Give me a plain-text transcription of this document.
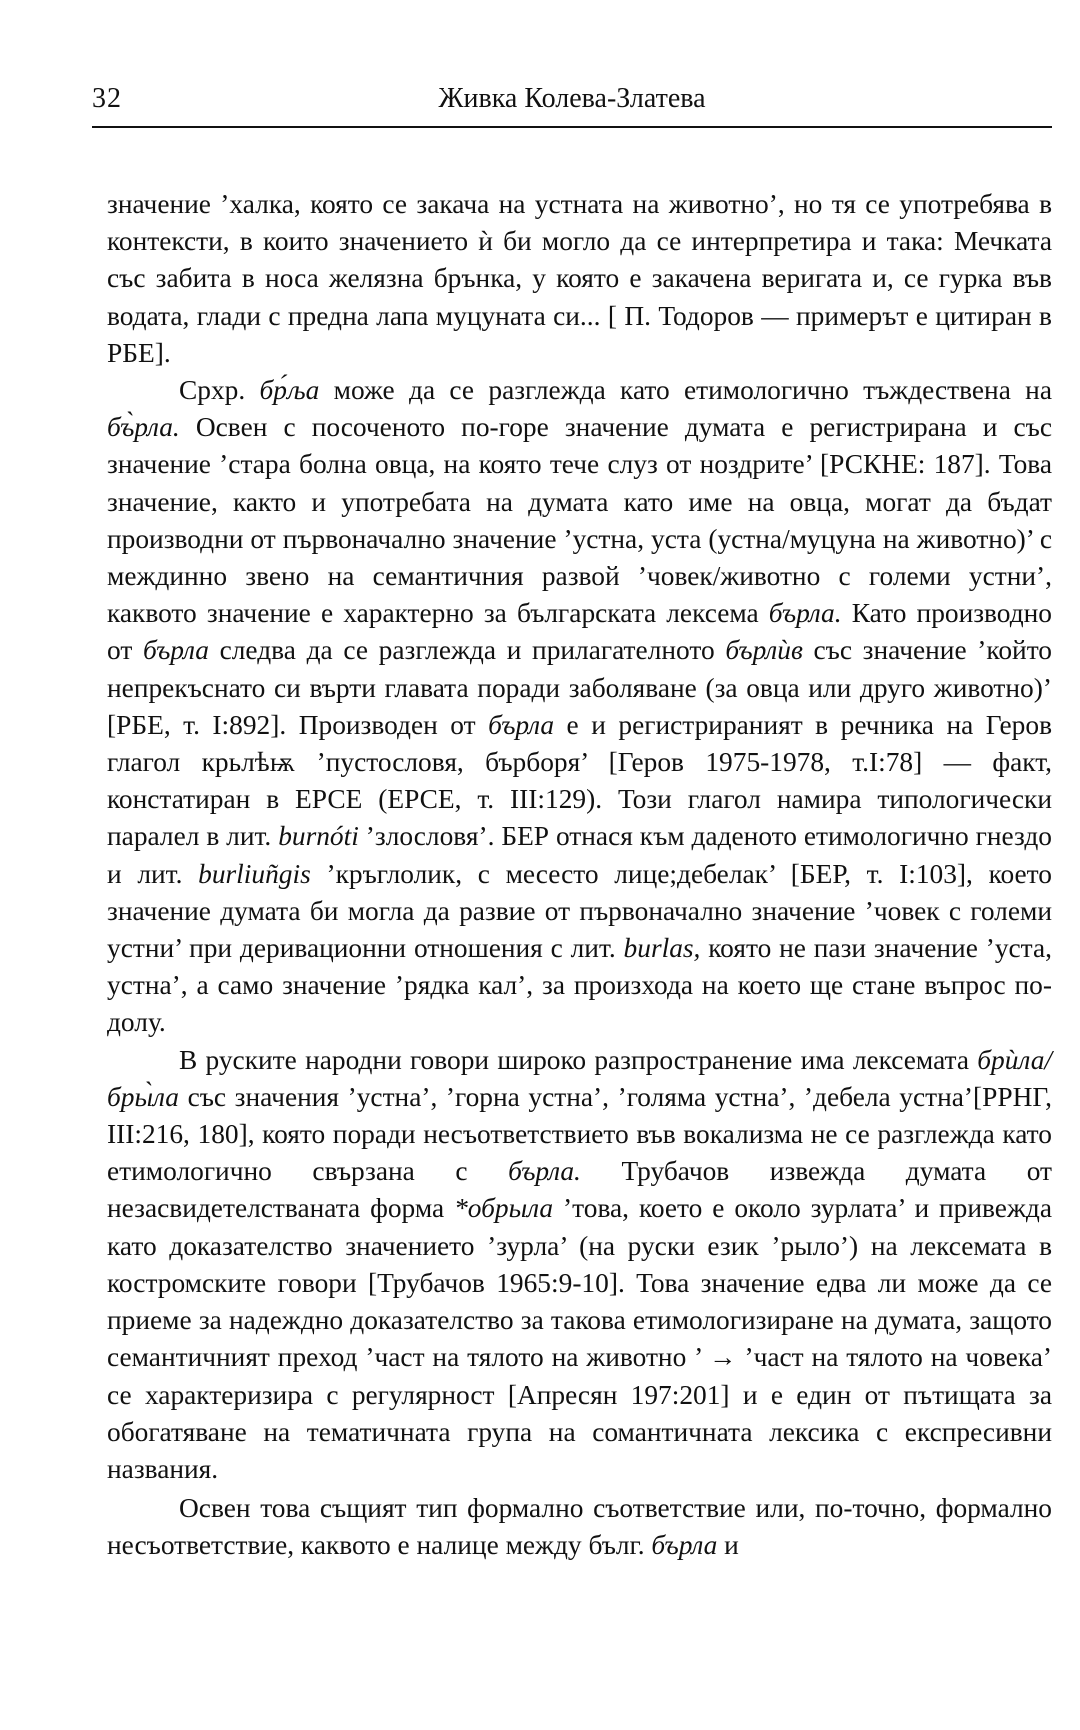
32	Живка Колева-Златева

значение ’халка, която се закача на устната на животно’, но тя се употребява в контексти, в които значението ѝ би могло да се интерпретира и така: Мечката със забита в носа желязна брънка, у която е закачена веригата и, се гурка във водата, глади с предна лапа муцуната си... [ П. Тодоров — примерът е цитиран в РБЕ].

Срхр. бр́ља може да се разглежда като етимологично тъждествена на бъ̀рла. Освен с посоченото по-горе значение думата е регистрирана и със значение ’стара болна овца, на която тече слуз от ноздрите’ [РСКНЕ: 187]. Това значение, както и употребата на думата като име на овца, могат да бъдат производни от първоначално значение ’устна, уста (устна/муцуна на животно)’ с междинно звено на семантичния развой ’човек/животно с големи устни’, каквото значение е характерно за българската лексема бърла. Като производно от бърла следва да се разглежда и прилагателното бърлѝв със значение ’който непрекъснато си върти главата поради заболяване (за овца или друго животно)’ [РБЕ, т. I:892]. Производен от бърла е и регистрираният в речника на Геров глагол крьлѣѭ ’пустословя, бърборя’ [Геров 1975-1978, т.I:78] — факт, констатиран в ЕРСЕ (ЕРСЕ, т. III:129). Този глагол намира типологически паралел в лит. burnóti ’злословя’. БЕР отнася към даденото етимологично гнездо и лит. burliuñgis ’кръглолик, с месесто лице;дебелак’ [БЕР, т. I:103], което значение думата би могла да развие от първоначално значение ’човек с големи устни’ при деривационни отношения с лит. burlas, която не пази значение ’уста, устна’, а само значение ’рядка кал’, за произхода на което ще стане въпрос по-долу.

В руските народни говори широко разпространение има лексемата брѝла/бры̀ла със значения ’устна’, ’горна устна’, ’голяма устна’, ’дебела устна’[РРНГ, III:216, 180], която поради несъответствието във вокализма не се разглежда като етимологично свързана с бърла. Трубачов извежда думата от незасвидетелстваната форма *обрыла ’това, което е около зурлата’ и привежда като доказателство значението ’зурла’ (на руски език ’рыло’) на лексемата в костромските говори [Трубачов 1965:9-10]. Това значение едва ли може да се приеме за надеждно доказателство за такова етимологизиране на думата, защото семантичният преход ’част на тялото на животно ’ → ’част на тялото на човека’ се характеризира с регулярност [Апресян 197:201] и е един от пътищата за обогатяване на тематичната група на сомантичната лексика с експресивни названия.

Освен това същият тип формално съответствие или, по-точно, формално несъответствие, каквото е налице между бълг. бърла и
